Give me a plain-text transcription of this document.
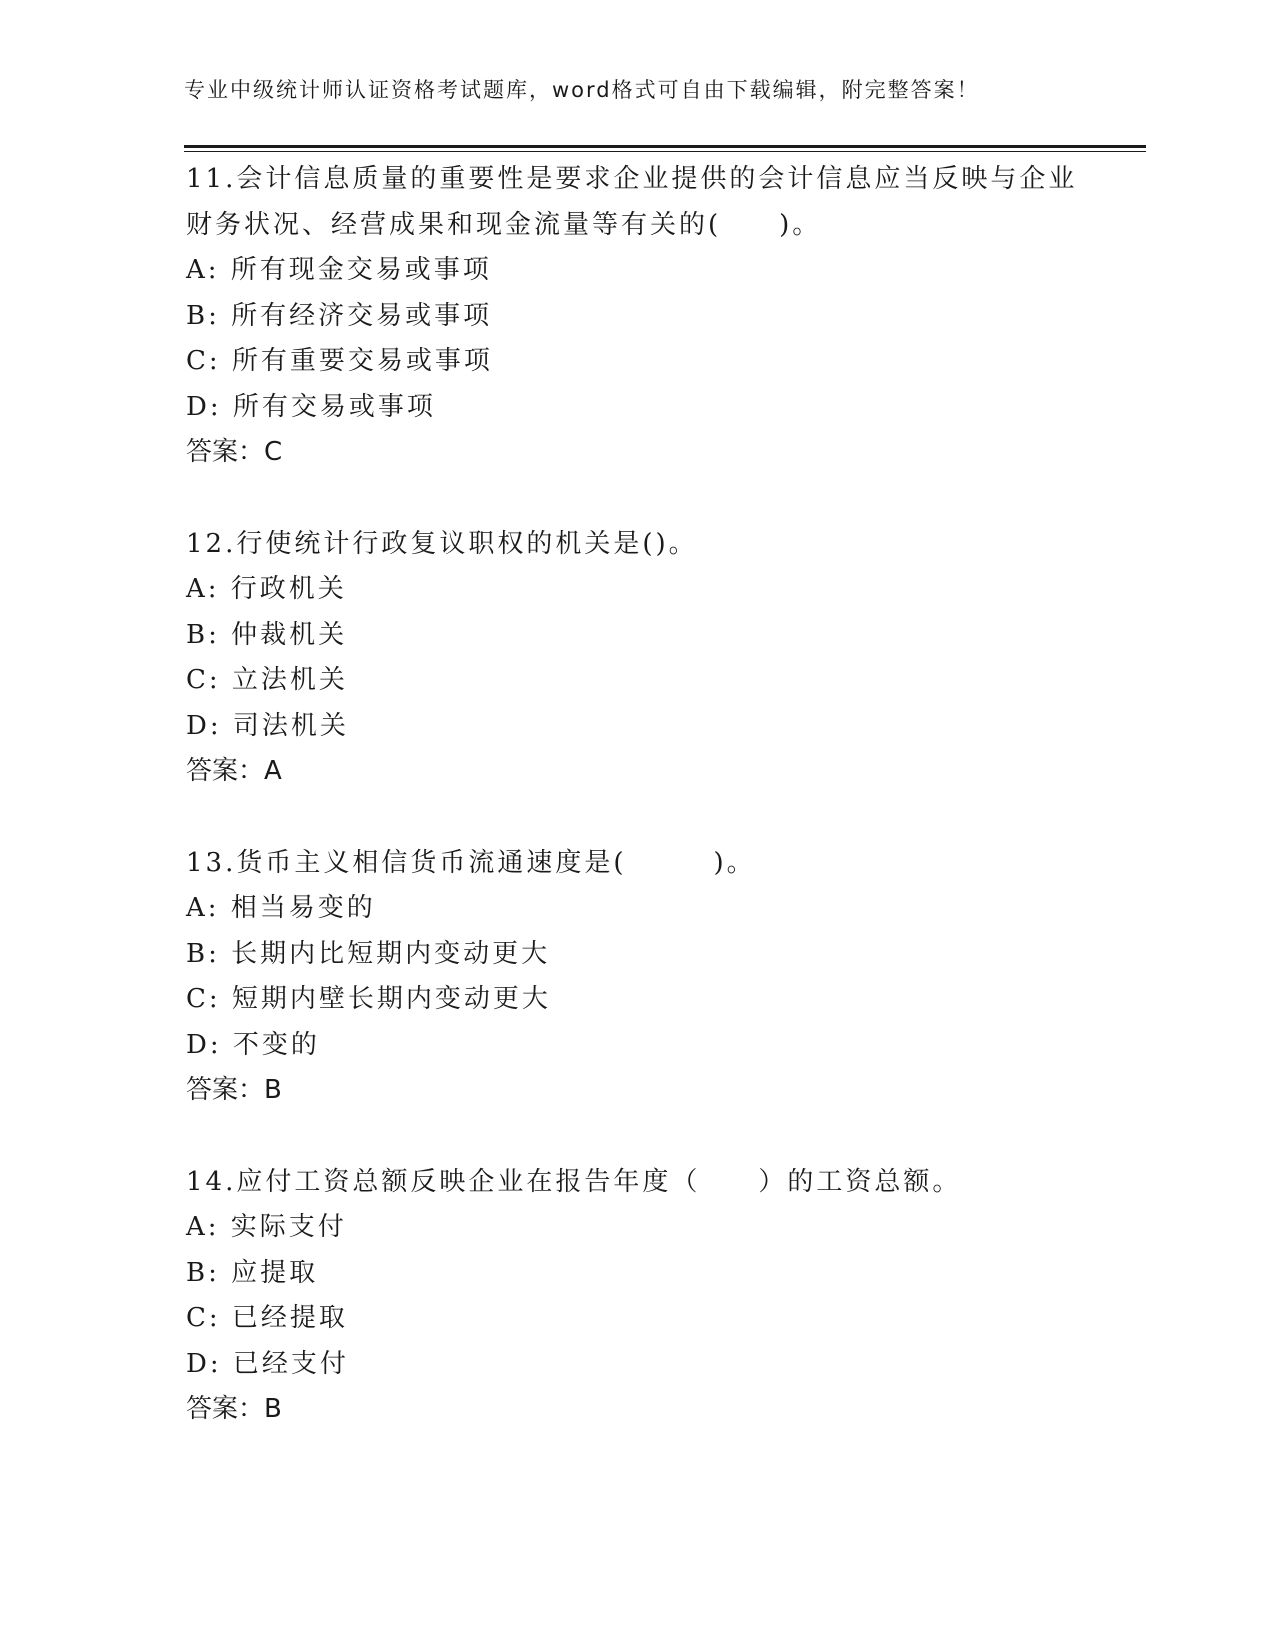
专业中级统计师认证资格考试题库，word格式可自由下载编辑，附完整答案！
11.会计信息质量的重要性是要求企业提供的会计信息应当反映与企业
财务状况、经营成果和现金流量等有关的(　　)。
A: 所有现金交易或事项
B: 所有经济交易或事项
C: 所有重要交易或事项
D: 所有交易或事项
答案：C
12.行使统计行政复议职权的机关是()。
A: 行政机关
B: 仲裁机关
C: 立法机关
D: 司法机关
答案：A
13.货币主义相信货币流通速度是(　　　)。
A: 相当易变的
B: 长期内比短期内变动更大
C: 短期内壁长期内变动更大
D: 不变的
答案：B
14.应付工资总额反映企业在报告年度（　　）的工资总额。
A: 实际支付
B: 应提取
C: 已经提取
D: 已经支付
答案：B
